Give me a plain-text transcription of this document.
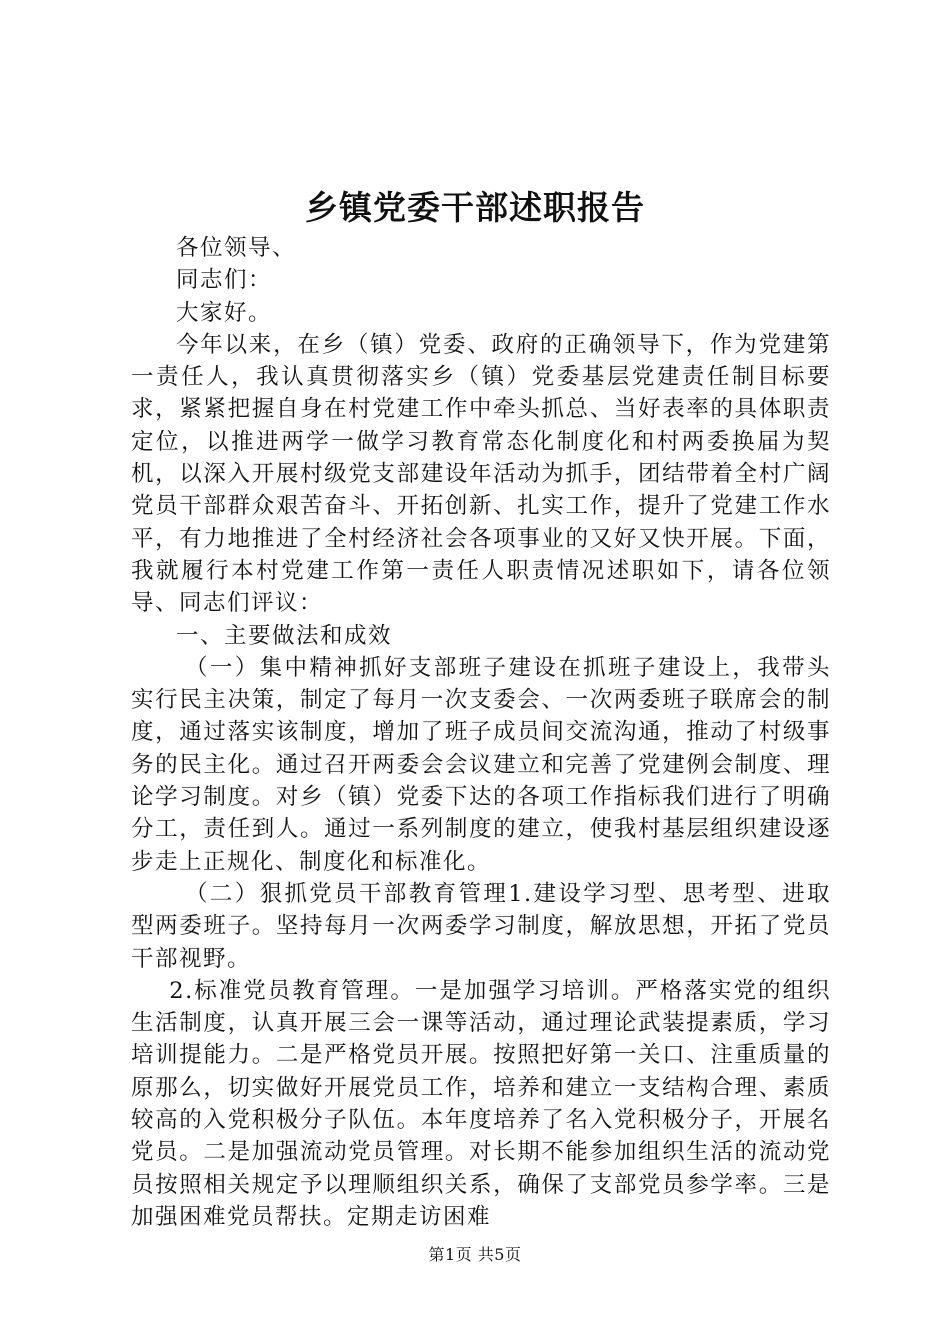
乡镇党委干部述职报告

各位领导、

同志们：

大家好。

今年以来，在乡（镇）党委、政府的正确领导下，作为党建第一责任人，我认真贯彻落实乡（镇）党委基层党建责任制目标要求，紧紧把握自身在村党建工作中牵头抓总、当好表率的具体职责定位，以推进两学一做学习教育常态化制度化和村两委换届为契机，以深入开展村级党支部建设年活动为抓手，团结带着全村广阔党员干部群众艰苦奋斗、开拓创新、扎实工作，提升了党建工作水平，有力地推进了全村经济社会各项事业的又好又快开展。下面，我就履行本村党建工作第一责任人职责情况述职如下，请各位领导、同志们评议：

一、主要做法和成效

（一）集中精神抓好支部班子建设在抓班子建设上，我带头实行民主决策，制定了每月一次支委会、一次两委班子联席会的制度，通过落实该制度，增加了班子成员间交流沟通，推动了村级事务的民主化。通过召开两委会会议建立和完善了党建例会制度、理论学习制度。对乡（镇）党委下达的各项工作指标我们进行了明确分工，责任到人。通过一系列制度的建立，使我村基层组织建设逐步走上正规化、制度化和标准化。

（二）狠抓党员干部教育管理1.建设学习型、思考型、进取型两委班子。坚持每月一次两委学习制度，解放思想，开拓了党员干部视野。

2.标准党员教育管理。一是加强学习培训。严格落实党的组织生活制度，认真开展三会一课等活动，通过理论武装提素质，学习培训提能力。二是严格党员开展。按照把好第一关口、注重质量的原那么，切实做好开展党员工作，培养和建立一支结构合理、素质较高的入党积极分子队伍。本年度培养了名入党积极分子，开展名党员。二是加强流动党员管理。对长期不能参加组织生活的流动党员按照相关规定予以理顺组织关系，确保了支部党员参学率。三是加强困难党员帮扶。定期走访困难

第1页 共5页
